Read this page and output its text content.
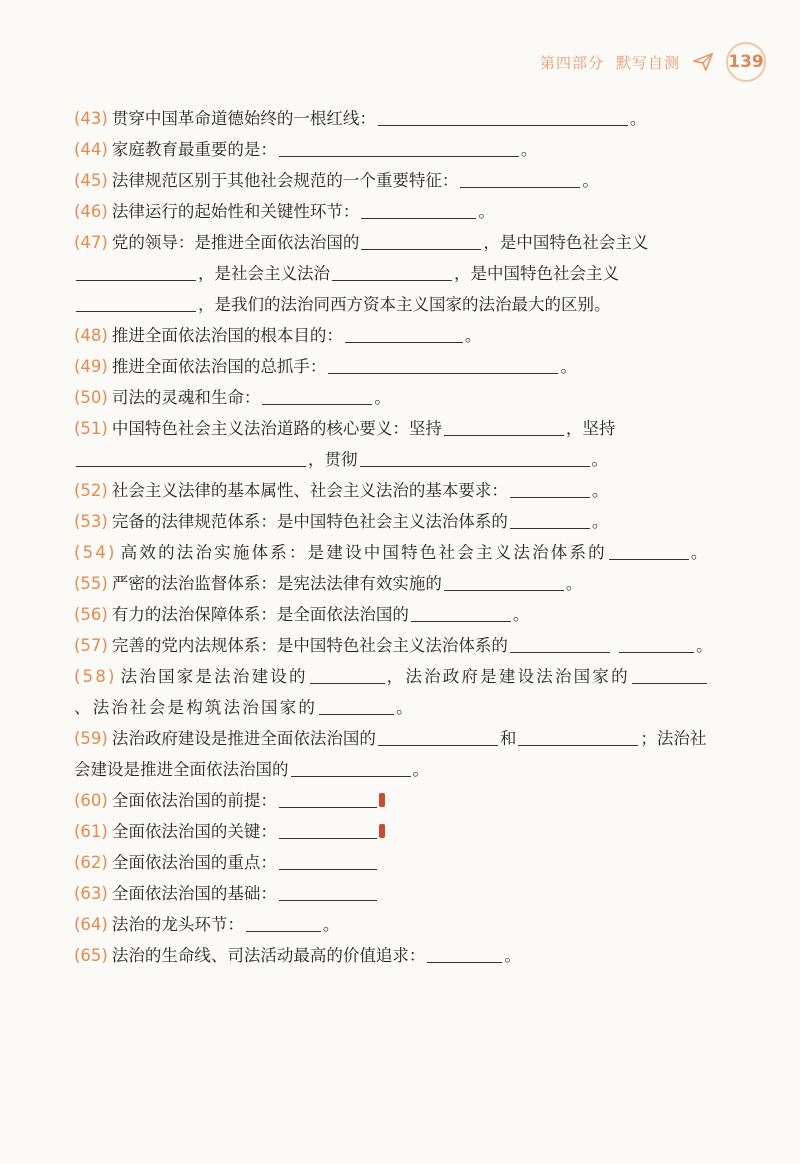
第四部分 默写自测	139

(43) 贯穿中国革命道德始终的一根红线：	。

(44) 家庭教育最重要的是：	。

(45) 法律规范区别于其他社会规范的一个重要特征：	。

(46) 法律运行的起始性和关键性环节：	。

(47) 党的领导：是推进全面依法治国的	，是中国特色社会主义，是社会主义法治	，是中国特色社会主义，是我们的法治同西方资本主义国家的法治最大的区别。

(48) 推进全面依法治国的根本目的：	。

(49) 推进全面依法治国的总抓手：	。

(50) 司法的灵魂和生命：	。

(51) 中国特色社会主义法治道路的核心要义：坚持	，坚持，贯彻	。

(52) 社会主义法律的基本属性、社会主义法治的基本要求：	。

(53) 完备的法律规范体系：是中国特色社会主义法治体系的	。

(54) 高效的法治实施体系：是建设中国特色社会主义法治体系的	。

(55) 严密的法治监督体系：是宪法法律有效实施的	。

(56) 有力的法治保障体系：是全面依法治国的	。

(57) 完善的党内法规体系：是中国特色社会主义法治体系的	。

(58) 法治国家是法治建设的	，法治政府是建设法治国家的、法治社会是构筑法治国家的	。

(59) 法治政府建设是推进全面依法治国的	和	；法治社会建设是推进全面依法治国的	。

(60) 全面依法治国的前提：

(61) 全面依法治国的关键：

(62) 全面依法治国的重点：

(63) 全面依法治国的基础：

(64) 法治的龙头环节：	。

(65) 法治的生命线、司法活动最高的价值追求：	。
